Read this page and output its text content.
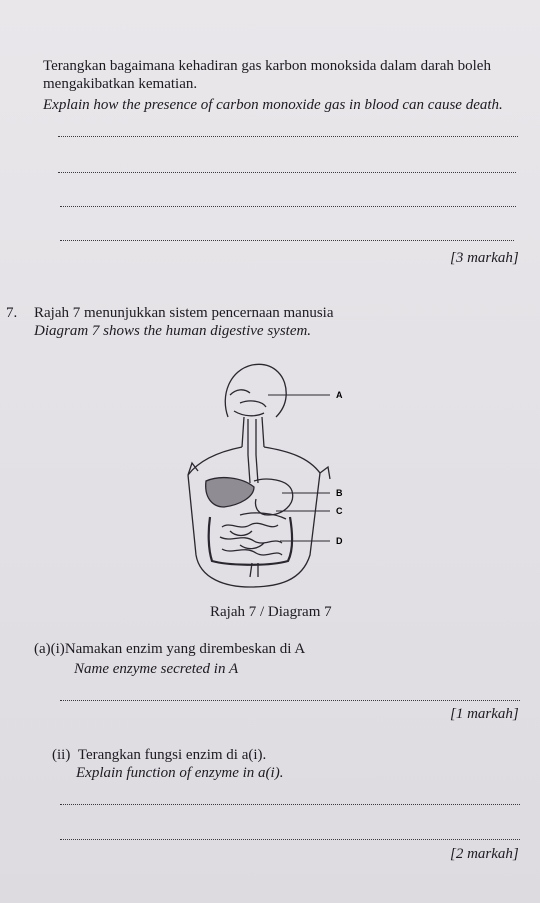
Terangkan bagaimana kehadiran gas karbon monoksida dalam darah boleh
mengakibatkan kematian.
Explain how the presence of carbon monoxide gas in blood can cause death.
[3 markah]
7. Rajah 7 menunjukkan sistem pencernaan manusia
Diagram 7 shows the human digestive system.
A
B
C
D
Rajah 7 / Diagram 7
(a)(i)Namakan enzim yang dirembeskan di A
Name enzyme secreted in A
[1 markah]
(ii) Terangkan fungsi enzim di a(i).
Explain function of enzyme in a(i).
[2 markah]
